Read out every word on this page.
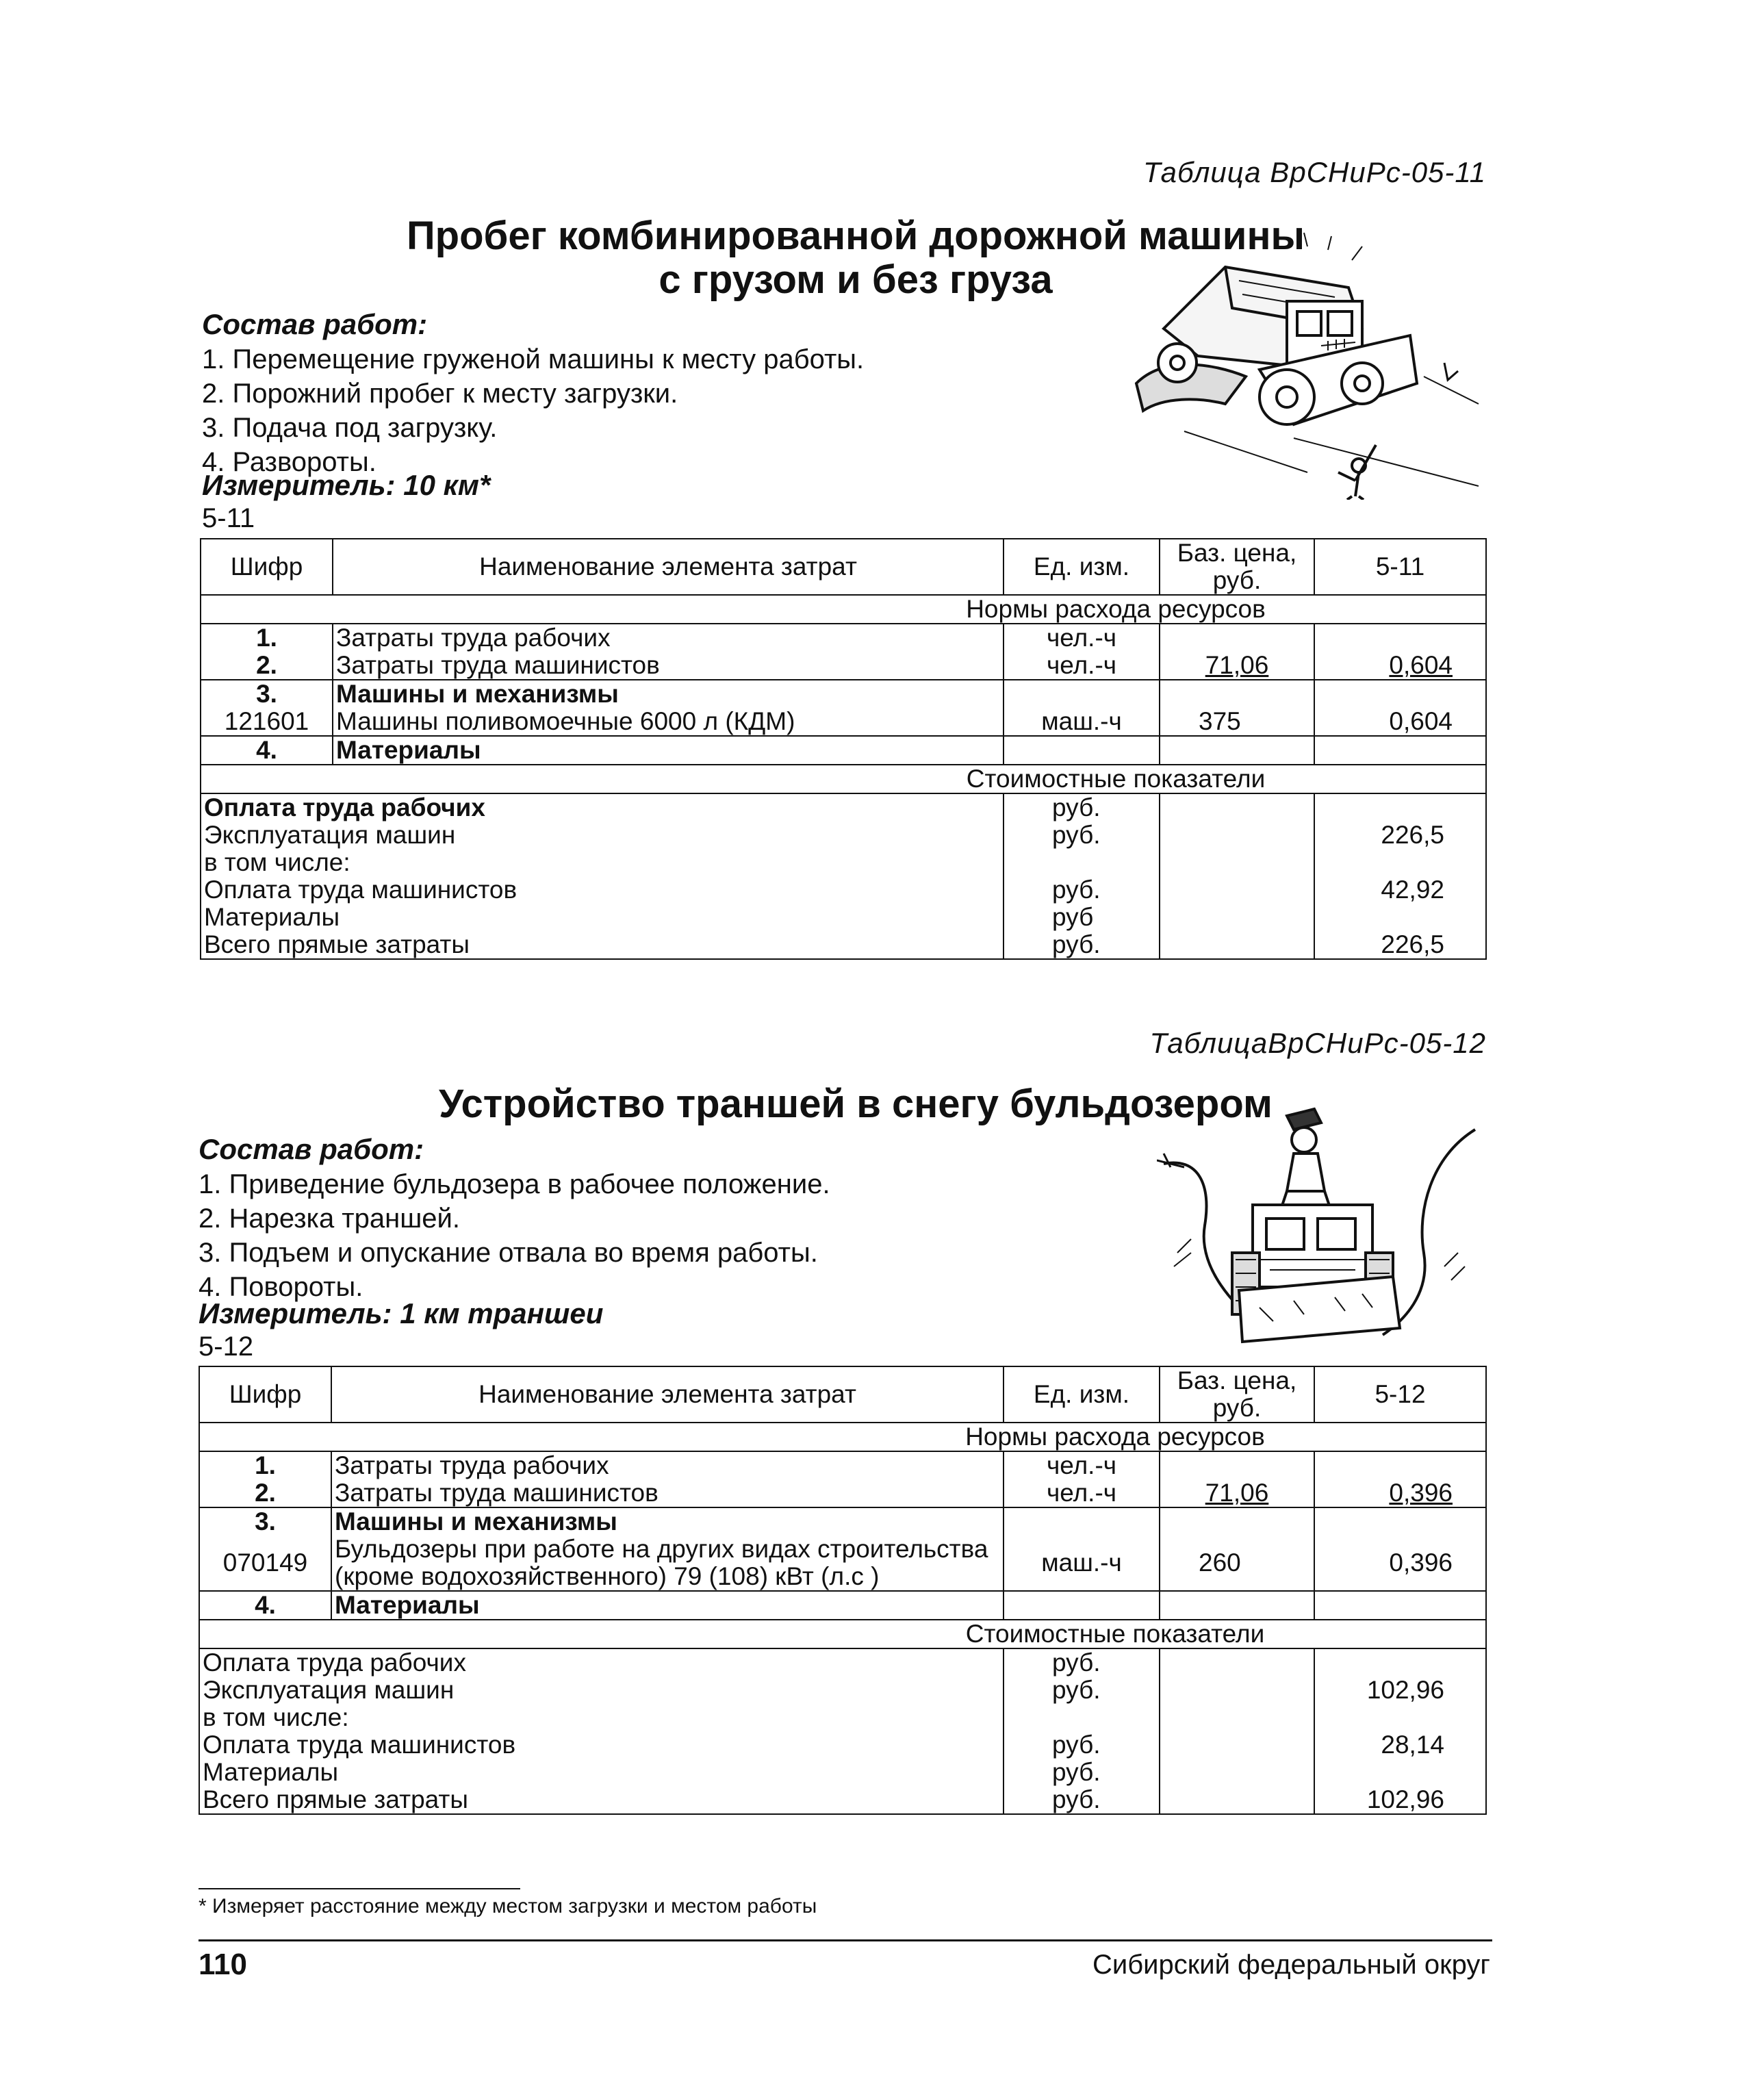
Таблица ВрСНиРс-05-11
Пробег комбинированной дорожной машины
с грузом и без груза
Состав работ:
1. Перемещение груженой машины к месту работы.
2. Порожний пробег к месту загрузки.
3. Подача под загрузку.
4. Развороты.
Измеритель: 10 км*
5-11
Шифр	Наименование элемента затрат	Ед. изм.	Баз. цена, руб.	5-11
Нормы расхода ресурсов				
1.	Затраты труда рабочих	чел.-ч		
2.	Затраты труда машинистов	чел.-ч	71,06	0,604
3.	Машины и механизмы			
121601	Машины поливомоечные 6000 л (КДМ)	маш.-ч	375	0,604
4.	Материалы			
Стоимостные показатели				
Оплата труда рабочих		руб.		
Эксплуатация машин		руб.		226,5
в том числе:				
Оплата труда машинистов		руб.		42,92
Материалы		руб		
Всего прямые затраты		руб.		226,5
ТаблицаВрСНиРс-05-12
Устройство траншей в снегу бульдозером
Состав работ:
1. Приведение бульдозера в рабочее положение.
2. Нарезка траншей.
3. Подъем и опускание отвала во время работы.
4. Повороты.
Измеритель: 1 км траншеи
5-12
Шифр	Наименование элемента затрат	Ед. изм.	Баз. цена, руб.	5-12
Нормы расхода ресурсов				
1.	Затраты труда рабочих	чел.-ч		
2.	Затраты труда машинистов	чел.-ч	71,06	0,396
3.	Машины и механизмы			
070149	Бульдозеры при работе на других видах строительства
(кроме водохозяйственного) 79 (108) кВт (л.с )	маш.-ч	260	0,396
4.	Материалы			
Стоимостные показатели				
Оплата труда рабочих		руб.		
Эксплуатация машин		руб.		102,96
в том числе:				
Оплата труда машинистов		руб.		28,14
Материалы		руб.		
Всего прямые затраты		руб.		102,96
* Измеряет расстояние между местом загрузки и местом работы
110	Сибирский федеральный округ
